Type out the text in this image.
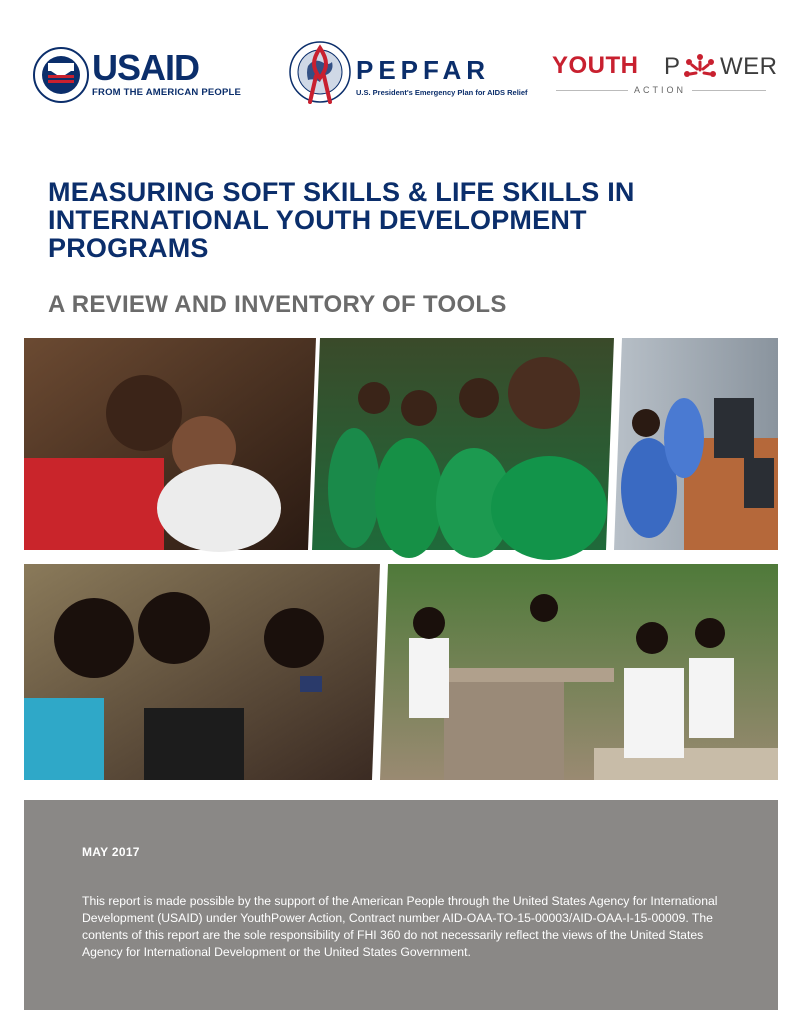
USAID
FROM THE AMERICAN PEOPLE
PEPFAR
U.S. President's Emergency Plan for AIDS Relief
YOUTH P WER
ACTION
MEASURING SOFT SKILLS & LIFE SKILLS IN
INTERNATIONAL YOUTH DEVELOPMENT
PROGRAMS
A REVIEW AND INVENTORY OF TOOLS
MAY 2017
This report is made possible by the support of the American People through the United States Agency for International Development (USAID) under YouthPower Action, Contract number AID-OAA-TO-15-00003/AID-OAA-I-15-00009. The contents of this report are the sole responsibility of FHI 360 do not necessarily reflect the views of the United States Agency for International Development or the United States Government.
